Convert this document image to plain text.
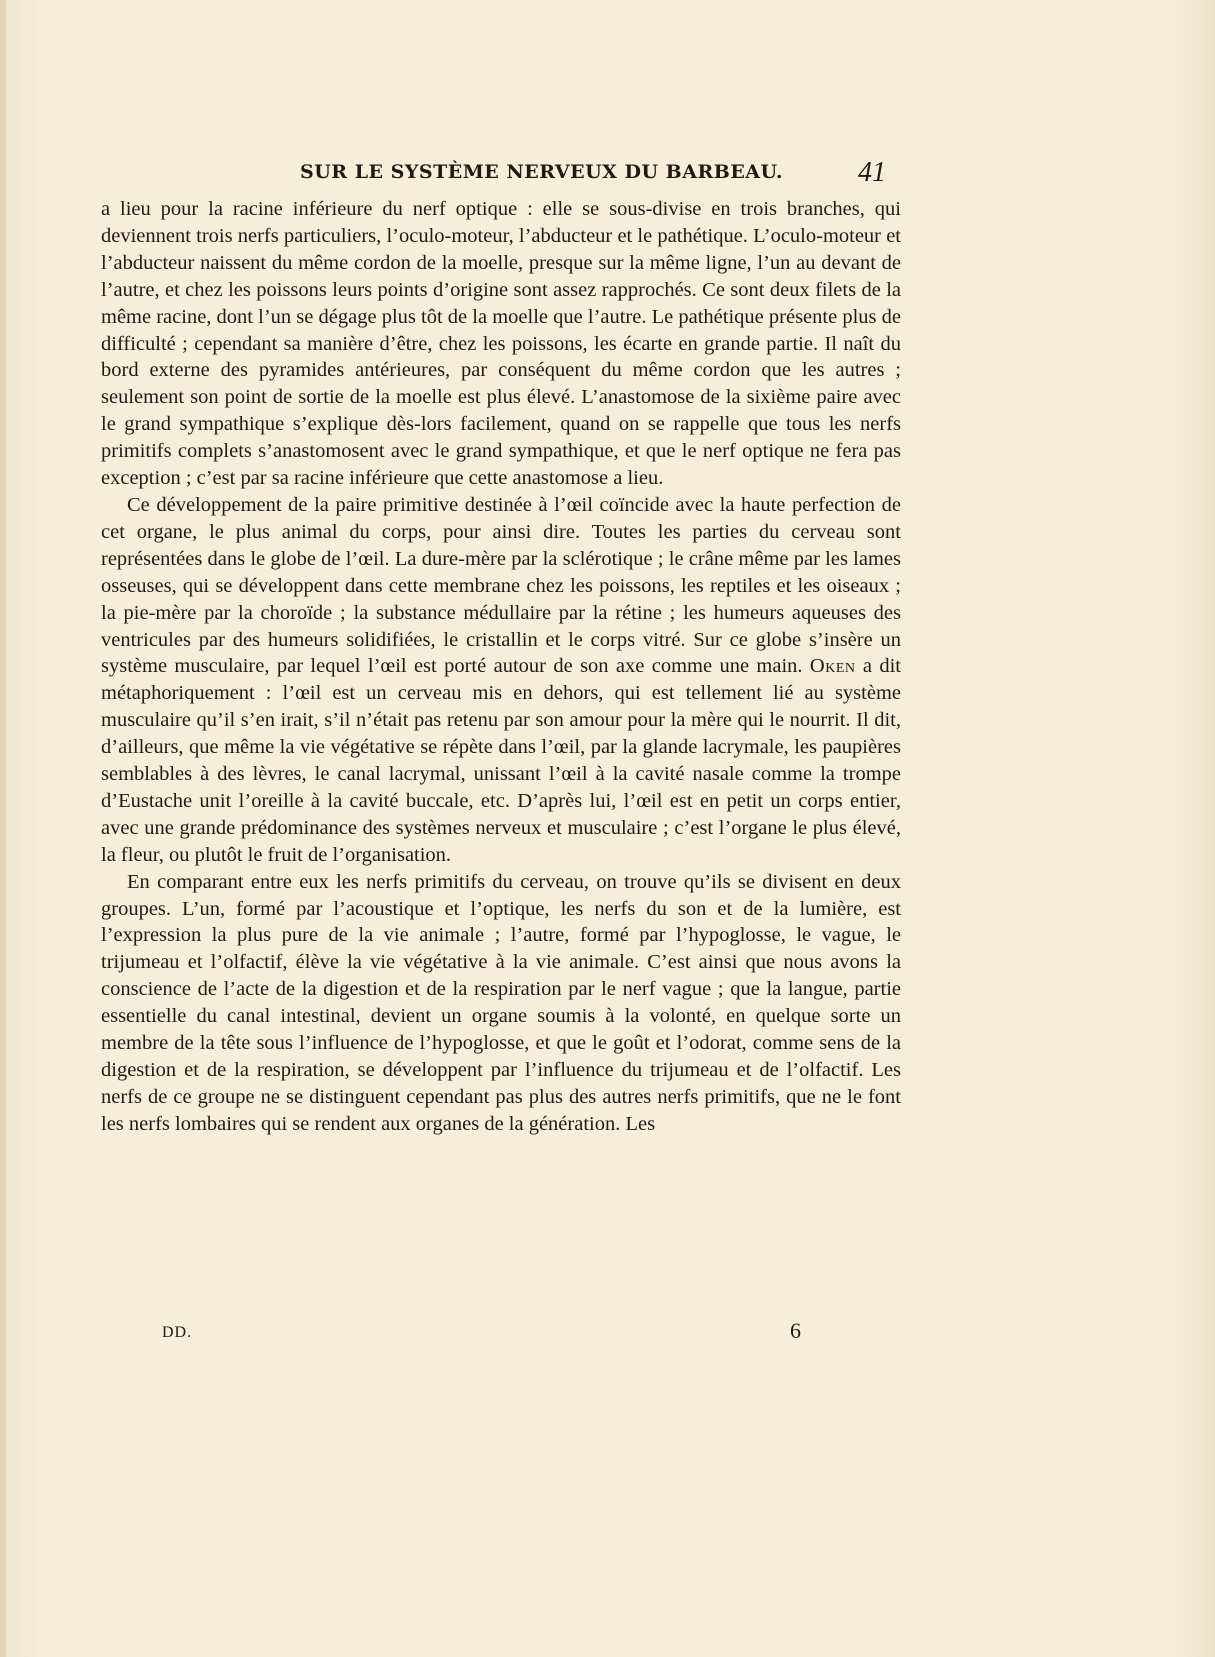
SUR LE SYSTÈME NERVEUX DU BARBEAU.	41

a lieu pour la racine inférieure du nerf optique : elle se sous-divise en trois branches, qui deviennent trois nerfs particuliers, l’oculo-moteur, l’abducteur et le pathétique. L’oculo-moteur et l’abducteur naissent du même cordon de la moelle, presque sur la même ligne, l’un au devant de l’autre, et chez les poissons leurs points d’origine sont assez rapprochés. Ce sont deux filets de la même racine, dont l’un se dégage plus tôt de la moelle que l’autre. Le pathétique présente plus de difficulté ; cependant sa manière d’être, chez les poissons, les écarte en grande partie. Il naît du bord externe des pyramides antérieures, par conséquent du même cordon que les autres ; seulement son point de sortie de la moelle est plus élevé. L’anastomose de la sixième paire avec le grand sympathique s’explique dès-lors facilement, quand on se rappelle que tous les nerfs primitifs complets s’anastomosent avec le grand sympathique, et que le nerf optique ne fera pas exception ; c’est par sa racine inférieure que cette anastomose a lieu.

Ce développement de la paire primitive destinée à l’œil coïncide avec la haute perfection de cet organe, le plus animal du corps, pour ainsi dire. Toutes les parties du cerveau sont représentées dans le globe de l’œil. La dure-mère par la sclérotique ; le crâne même par les lames osseuses, qui se développent dans cette membrane chez les poissons, les reptiles et les oiseaux ; la pie-mère par la choroïde ; la substance médullaire par la rétine ; les humeurs aqueuses des ventricules par des humeurs solidifiées, le cristallin et le corps vitré. Sur ce globe s’insère un système musculaire, par lequel l’œil est porté autour de son axe comme une main. Oken a dit métaphoriquement : l’œil est un cerveau mis en dehors, qui est tellement lié au système musculaire qu’il s’en irait, s’il n’était pas retenu par son amour pour la mère qui le nourrit. Il dit, d’ailleurs, que même la vie végétative se répète dans l’œil, par la glande lacrymale, les paupières semblables à des lèvres, le canal lacrymal, unissant l’œil à la cavité nasale comme la trompe d’Eustache unit l’oreille à la cavité buccale, etc. D’après lui, l’œil est en petit un corps entier, avec une grande prédominance des systèmes nerveux et musculaire ; c’est l’organe le plus élevé, la fleur, ou plutôt le fruit de l’organisation.

En comparant entre eux les nerfs primitifs du cerveau, on trouve qu’ils se divisent en deux groupes. L’un, formé par l’acoustique et l’optique, les nerfs du son et de la lumière, est l’expression la plus pure de la vie animale ; l’autre, formé par l’hypoglosse, le vague, le trijumeau et l’olfactif, élève la vie végétative à la vie animale. C’est ainsi que nous avons la conscience de l’acte de la digestion et de la respiration par le nerf vague ; que la langue, partie essentielle du canal intestinal, devient un organe soumis à la volonté, en quelque sorte un membre de la tête sous l’influence de l’hypoglosse, et que le goût et l’odorat, comme sens de la digestion et de la respiration, se développent par l’influence du trijumeau et de l’olfactif. Les nerfs de ce groupe ne se distinguent cependant pas plus des autres nerfs primitifs, que ne le font les nerfs lombaires qui se rendent aux organes de la génération. Les

DD.	6
